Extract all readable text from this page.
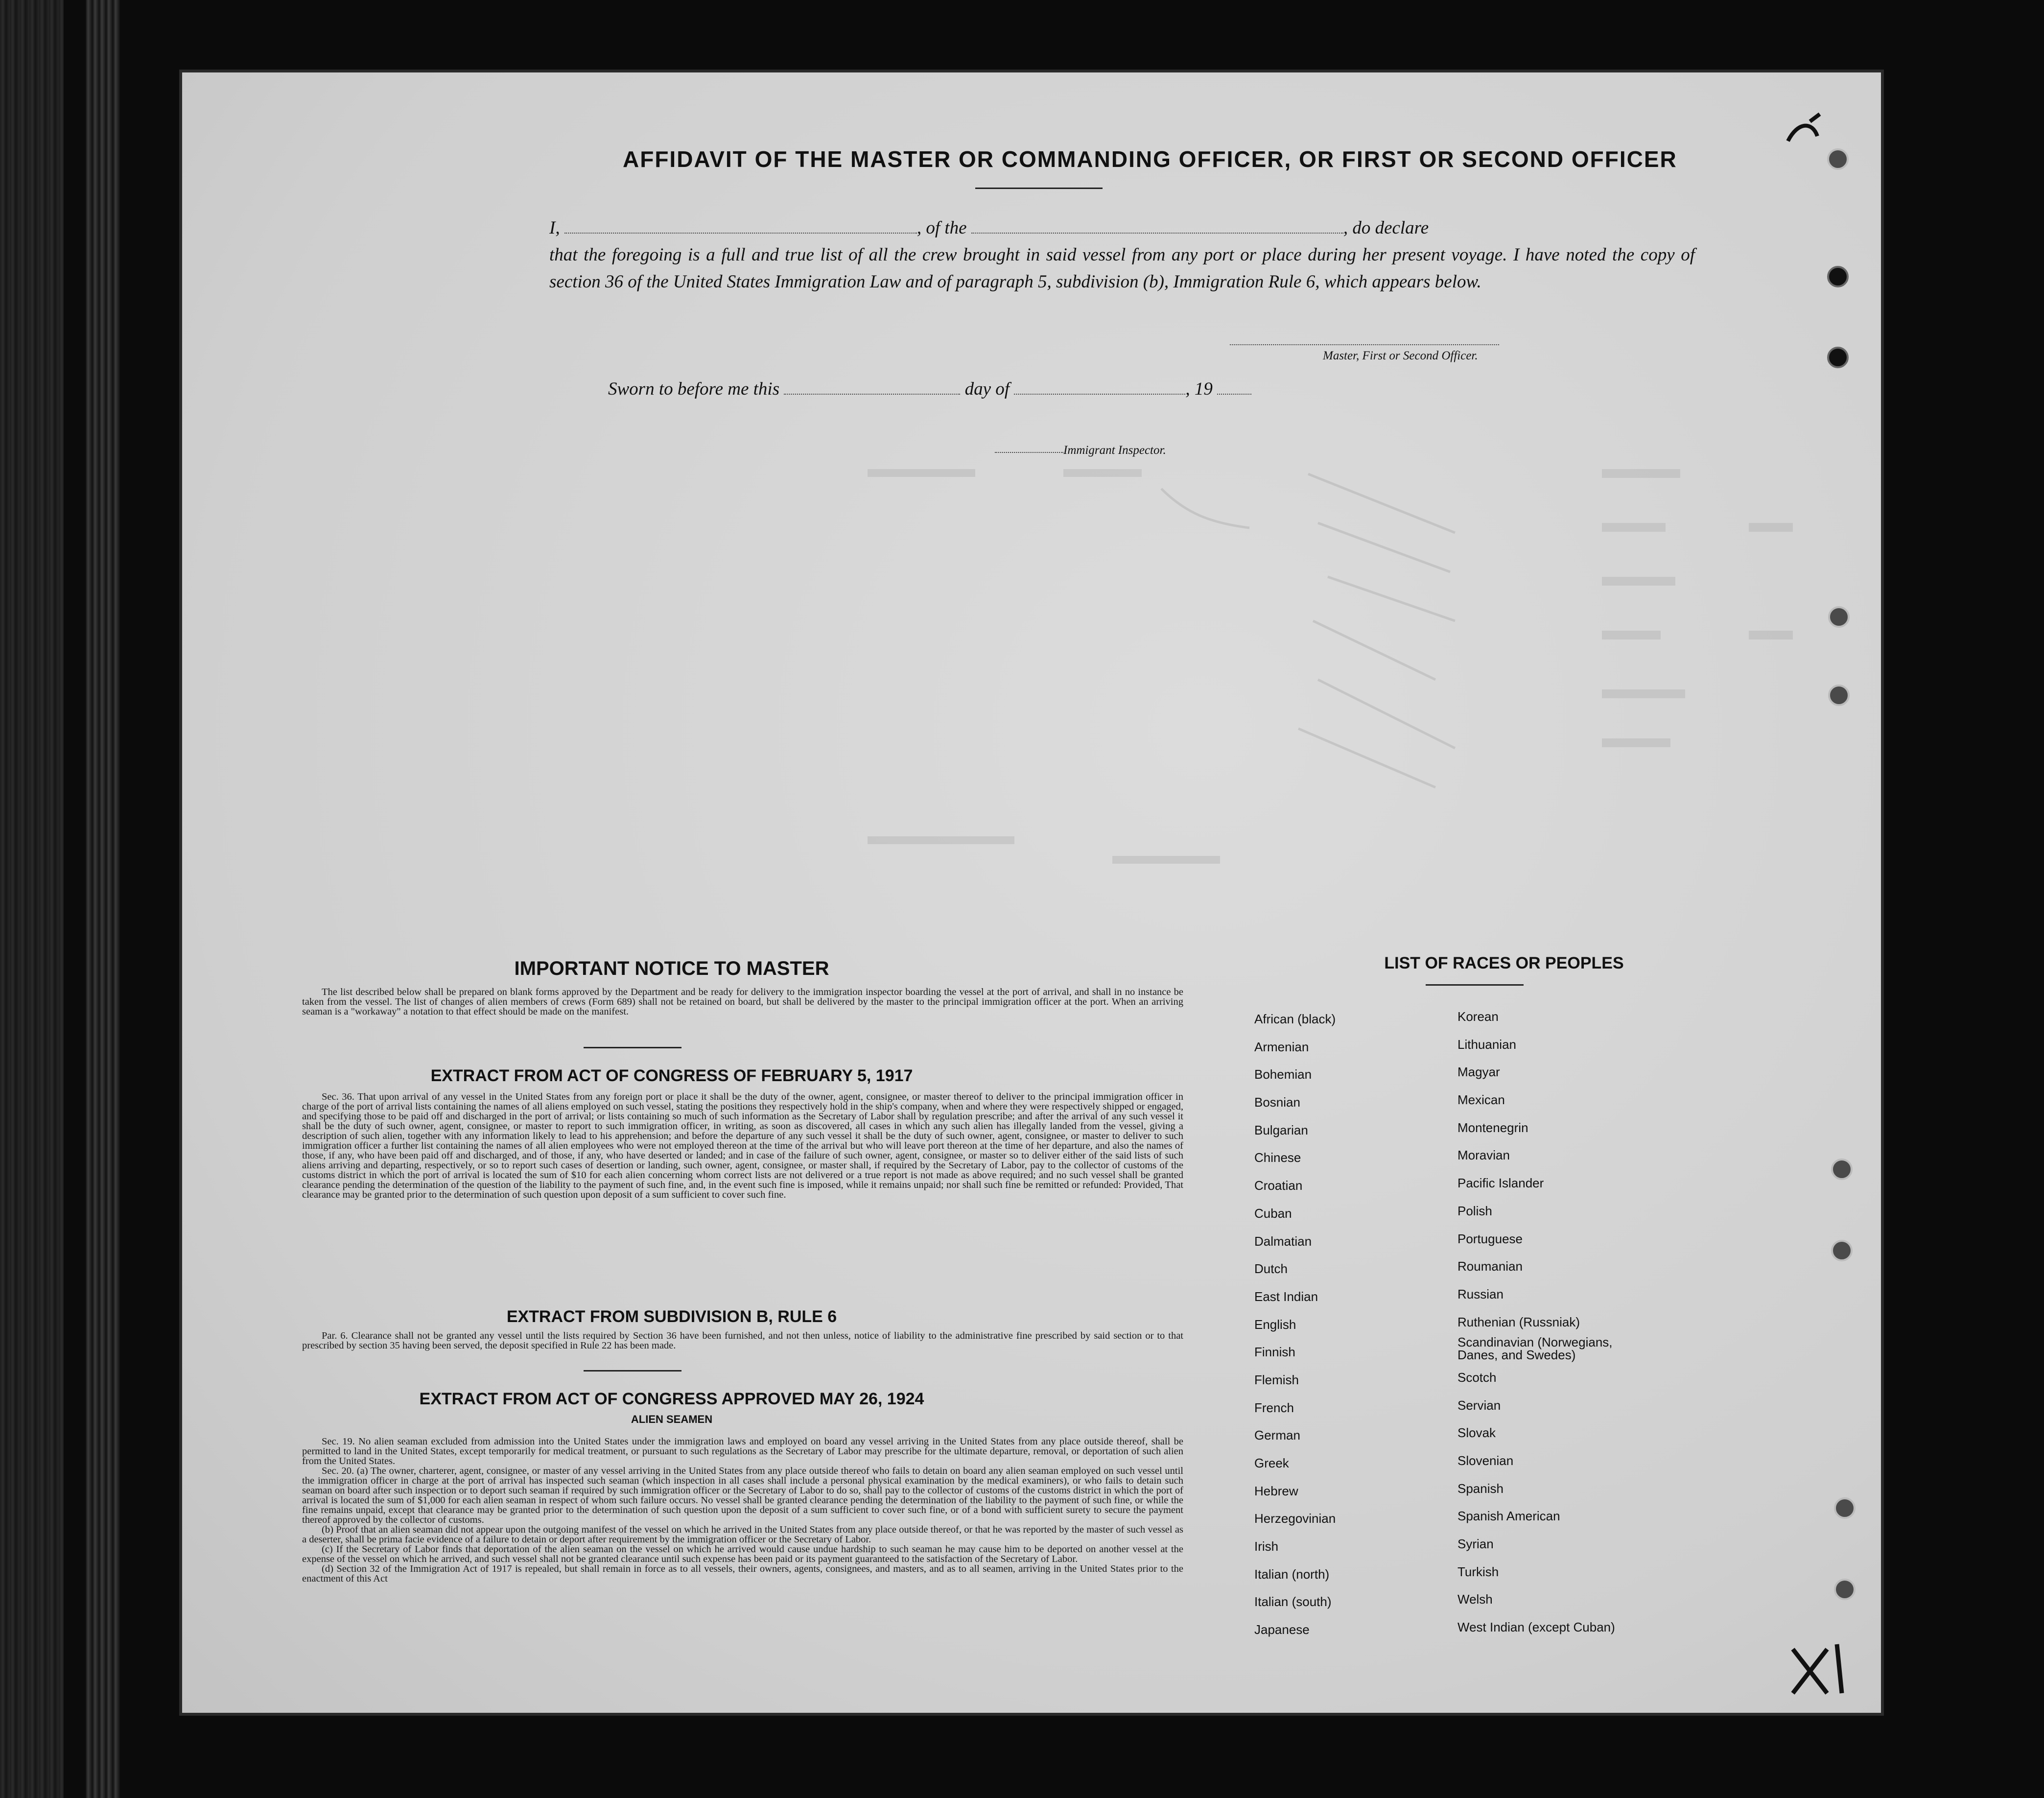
AFFIDAVIT OF THE MASTER OR COMMANDING OFFICER, OR FIRST OR SECOND OFFICER
I,	, of the	, do declare
that the foregoing is a full and true list of all the crew brought in said vessel from any port or place during her present voyage. I have noted the copy of section 36 of the United States Immigration Law and of paragraph 5, subdivision (b), Immigration Rule 6, which appears below.
Master, First or Second Officer.
Sworn to before me this	day of	, 19
Immigrant Inspector.
IMPORTANT NOTICE TO MASTER

The list described below shall be prepared on blank forms approved by the Department and be ready for delivery to the immigration inspector boarding the vessel at the port of arrival, and shall in no instance be taken from the vessel. The list of changes of alien members of crews (Form 689) shall not be retained on board, but shall be delivered by the master to the principal immigration officer at the port. When an arriving seaman is a "workaway" a notation to that effect should be made on the manifest.

EXTRACT FROM ACT OF CONGRESS OF FEBRUARY 5, 1917

Sec. 36. That upon arrival of any vessel in the United States from any foreign port or place it shall be the duty of the owner, agent, consignee, or master thereof to deliver to the principal immigration officer in charge of the port of arrival lists containing the names of all aliens employed on such vessel, stating the positions they respectively hold in the ship's company, when and where they were respectively shipped or engaged, and specifying those to be paid off and discharged in the port of arrival; or lists containing so much of such information as the Secretary of Labor shall by regulation prescribe; and after the arrival of any such vessel it shall be the duty of such owner, agent, consignee, or master to report to such immigration officer, in writing, as soon as discovered, all cases in which any such alien has illegally landed from the vessel, giving a description of such alien, together with any information likely to lead to his apprehension; and before the departure of any such vessel it shall be the duty of such owner, agent, consignee, or master to deliver to such immigration officer a further list containing the names of all alien employees who were not employed thereon at the time of the arrival but who will leave port thereon at the time of her departure, and also the names of those, if any, who have been paid off and discharged, and of those, if any, who have deserted or landed; and in case of the failure of such owner, agent, consignee, or master so to deliver either of the said lists of such aliens arriving and departing, respectively, or so to report such cases of desertion or landing, such owner, agent, consignee, or master shall, if required by the Secretary of Labor, pay to the collector of customs of the customs district in which the port of arrival is located the sum of $10 for each alien concerning whom correct lists are not delivered or a true report is not made as above required; and no such vessel shall be granted clearance pending the determination of the question of the liability to the payment of such fine, and, in the event such fine is imposed, while it remains unpaid; nor shall such fine be remitted or refunded: Provided, That clearance may be granted prior to the determination of such question upon deposit of a sum sufficient to cover such fine.

EXTRACT FROM SUBDIVISION B, RULE 6

Par. 6. Clearance shall not be granted any vessel until the lists required by Section 36 have been furnished, and not then unless, notice of liability to the administrative fine prescribed by said section or to that prescribed by section 35 having been served, the deposit specified in Rule 22 has been made.

EXTRACT FROM ACT OF CONGRESS APPROVED MAY 26, 1924
ALIEN SEAMEN

Sec. 19. No alien seaman excluded from admission into the United States under the immigration laws and employed on board any vessel arriving in the United States from any place outside thereof, shall be permitted to land in the United States, except temporarily for medical treatment, or pursuant to such regulations as the Secretary of Labor may prescribe for the ultimate departure, removal, or deportation of such alien from the United States.

Sec. 20. (a) The owner, charterer, agent, consignee, or master of any vessel arriving in the United States from any place outside thereof who fails to detain on board any alien seaman employed on such vessel until the immigration officer in charge at the port of arrival has inspected such seaman (which inspection in all cases shall include a personal physical examination by the medical examiners), or who fails to detain such seaman on board after such inspection or to deport such seaman if required by such immigration officer or the Secretary of Labor to do so, shall pay to the collector of customs of the customs district in which the port of arrival is located the sum of $1,000 for each alien seaman in respect of whom such failure occurs. No vessel shall be granted clearance pending the determination of the liability to the payment of such fine, or while the fine remains unpaid, except that clearance may be granted prior to the determination of such question upon the deposit of a sum sufficient to cover such fine, or of a bond with sufficient surety to secure the payment thereof approved by the collector of customs.

(b) Proof that an alien seaman did not appear upon the outgoing manifest of the vessel on which he arrived in the United States from any place outside thereof, or that he was reported by the master of such vessel as a deserter, shall be prima facie evidence of a failure to detain or deport after requirement by the immigration officer or the Secretary of Labor.

(c) If the Secretary of Labor finds that deportation of the alien seaman on the vessel on which he arrived would cause undue hardship to such seaman he may cause him to be deported on another vessel at the expense of the vessel on which he arrived, and such vessel shall not be granted clearance until such expense has been paid or its payment guaranteed to the satisfaction of the Secretary of Labor.

(d) Section 32 of the Immigration Act of 1917 is repealed, but shall remain in force as to all vessels, their owners, agents, consignees, and masters, and as to all seamen, arriving in the United States prior to the enactment of this Act

LIST OF RACES OR PEOPLES
African (black)
Armenian
Bohemian
Bosnian
Bulgarian
Chinese
Croatian
Cuban
Dalmatian
Dutch
East Indian
English
Finnish
Flemish
French
German
Greek
Hebrew
Herzegovinian
Irish
Italian (north)
Italian (south)
Japanese
Korean
Lithuanian
Magyar
Mexican
Montenegrin
Moravian
Pacific Islander
Polish
Portuguese
Roumanian
Russian
Ruthenian (Russniak)
Scandinavian (Norwegians, Danes, and Swedes)
Scotch
Servian
Slovak
Slovenian
Spanish
Spanish American
Syrian
Turkish
Welsh
West Indian (except Cuban)
